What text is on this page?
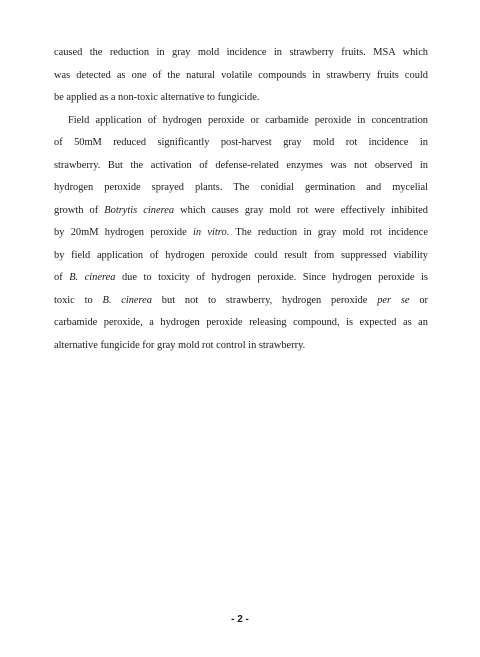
caused the reduction in gray mold incidence in strawberry fruits. MSA which
was detected as one of the natural volatile compounds in strawberry fruits could
be applied as a non-toxic alternative to fungicide.
Field application of hydrogen peroxide or carbamide peroxide in concentration
of 50mM reduced significantly post-harvest gray mold rot incidence in
strawberry. But the activation of defense-related enzymes was not observed in
hydrogen peroxide sprayed plants. The conidial germination and mycelial
growth of Botrytis cinerea which causes gray mold rot were effectively inhibited
by 20mM hydrogen peroxide in vitro. The reduction in gray mold rot incidence
by field application of hydrogen peroxide could result from suppressed viability
of B. cinerea due to toxicity of hydrogen peroxide. Since hydrogen peroxide is
toxic to B. cinerea but not to strawberry, hydrogen peroxide per se or
carbamide peroxide, a hydrogen peroxide releasing compound, is expected as an
alternative fungicide for gray mold rot control in strawberry.
- 2 -
